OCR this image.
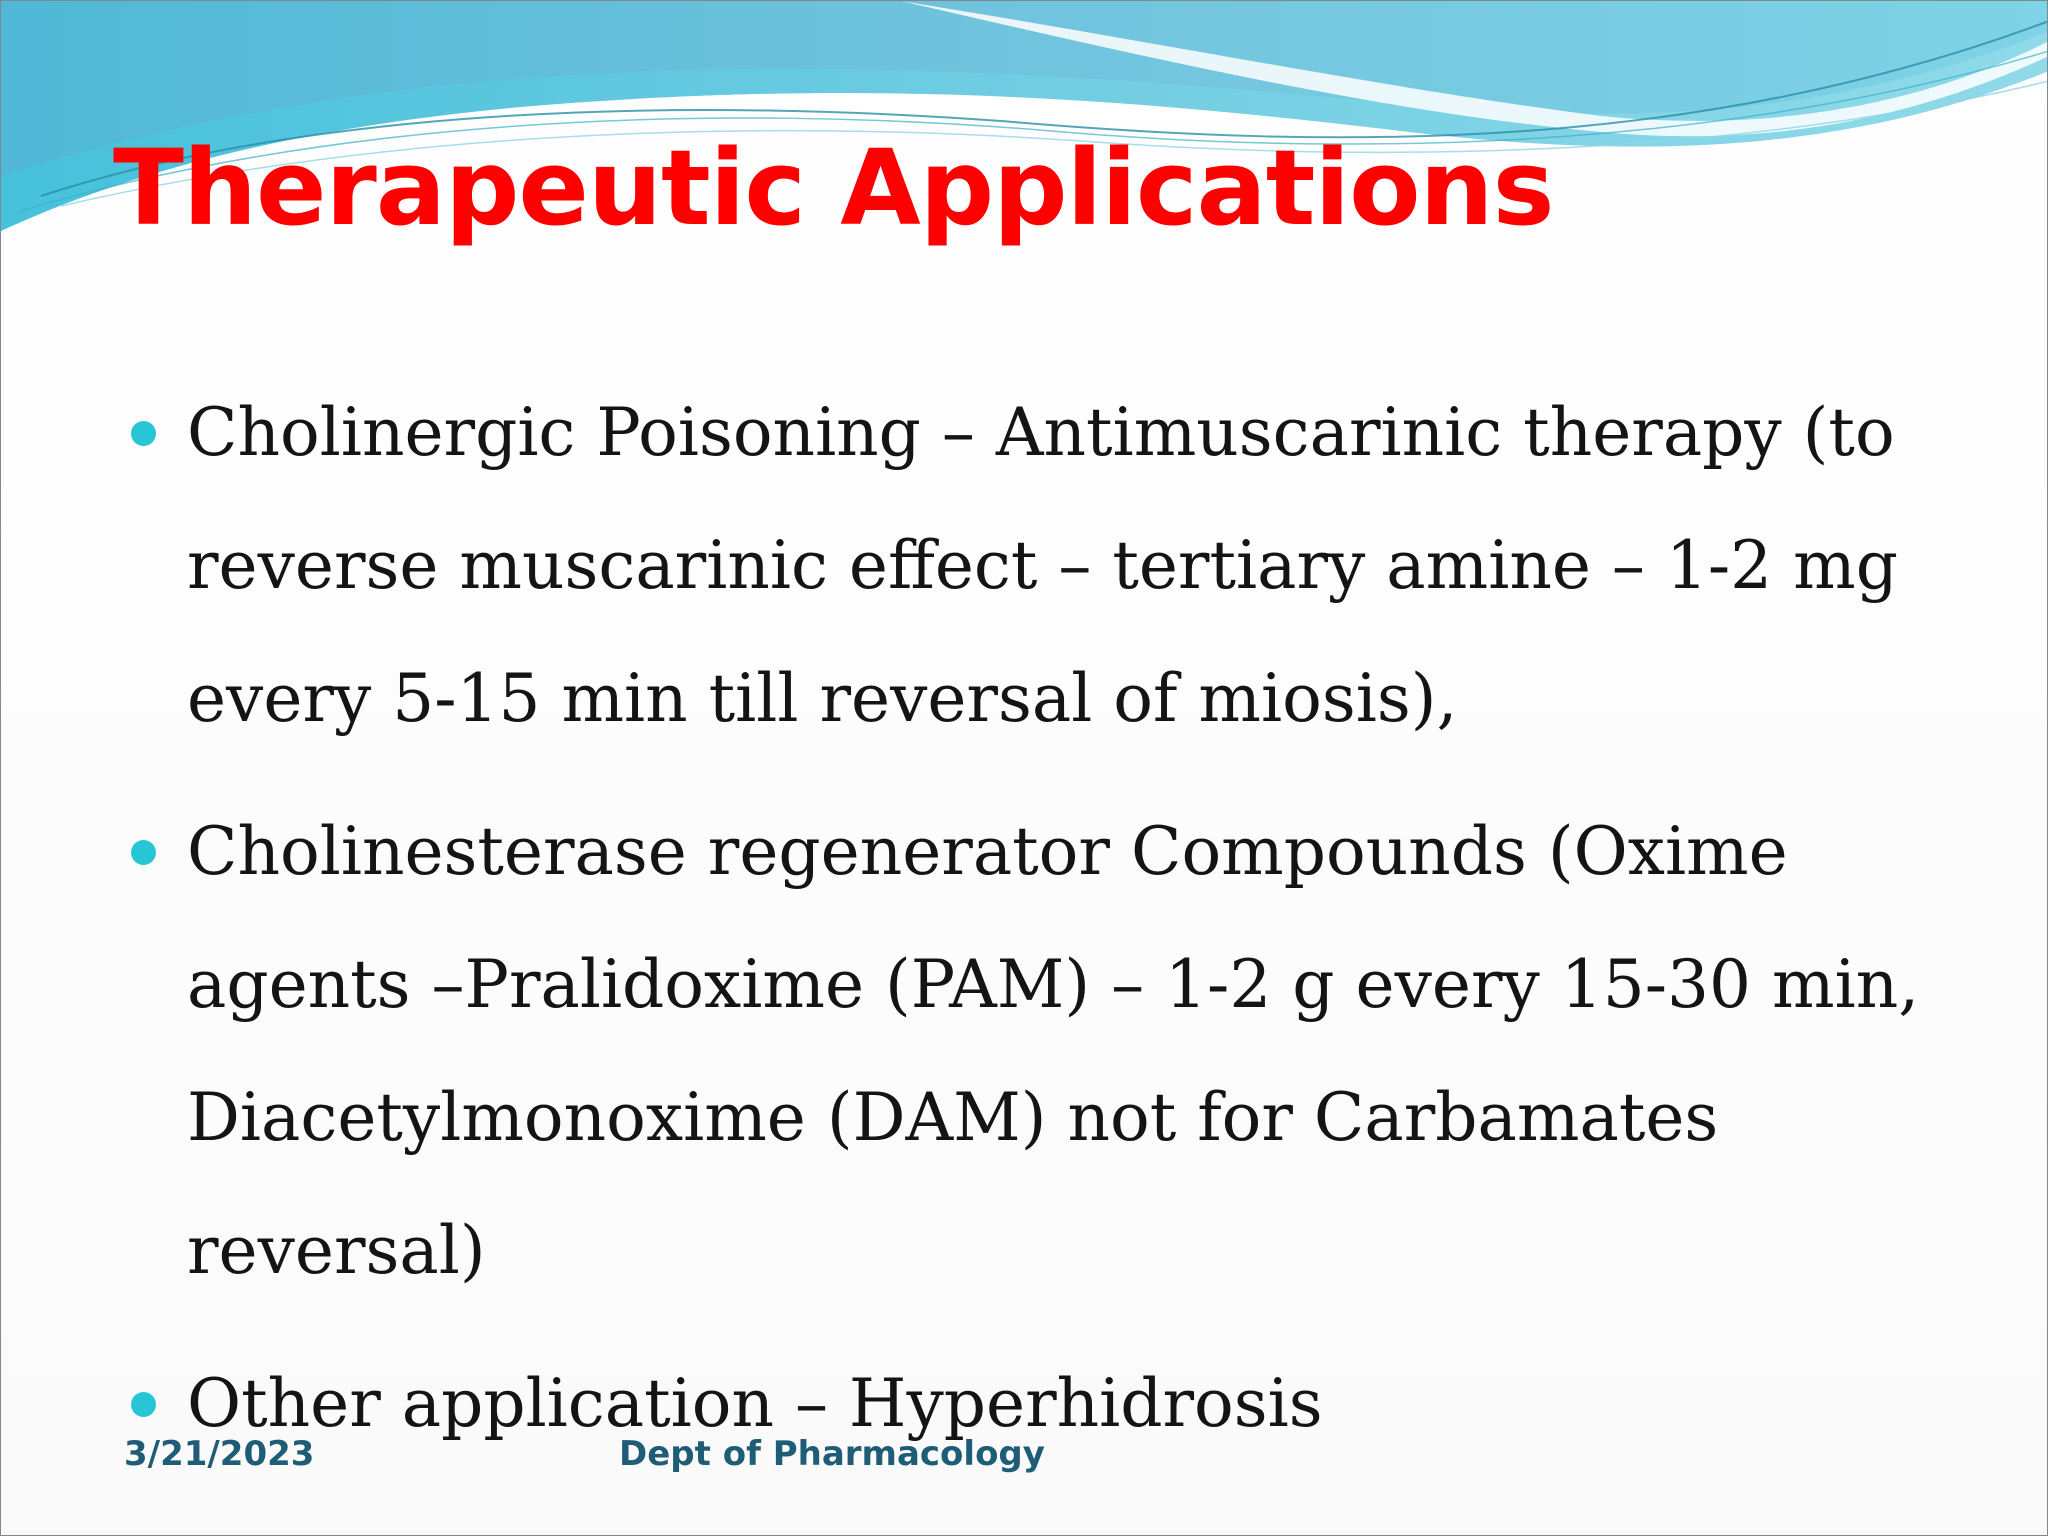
Therapeutic Applications
Cholinergic Poisoning – Antimuscarinic therapy (to reverse muscarinic effect – tertiary amine – 1-2 mg every 5-15 min till reversal of miosis),
Cholinesterase regenerator Compounds (Oxime agents –Pralidoxime (PAM) – 1-2 g every 15-30 min, Diacetylmonoxime (DAM) not for Carbamates reversal)
Other application – Hyperhidrosis
3/21/2023	Dept of Pharmacology
